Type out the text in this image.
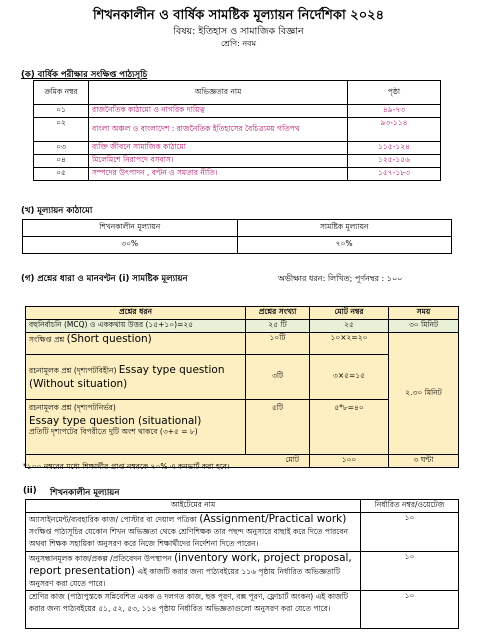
শিখনকালীন ও বার্ষিক সামষ্টিক মূল্যায়ন নির্দেশিকা ২০২৪
বিষয়: ইতিহাস ও সামাজিক বিজ্ঞান
শ্রেণি: নবম
(ক) বার্ষিক পরীক্ষার সংক্ষিপ্ত পাঠ্যসূচি
ক্রমিক নম্বর	অভিজ্ঞতার নাম	পৃষ্ঠা
০১	রাজনৈতিক কাঠামো ও নাগরিক দায়িত্ব	৪৯-৭৩
০২	বাংলা অঞ্চল ও বাংলাদেশ : রাজনৈতিক ইতিহাসের বৈচিত্র্যময় গতিপথ	৯৩-১১৪
০৩	ব্যক্তি জীবনে সামাজিক কাঠামো	১১৫-১২৪
০৪	মিলেমিশে নিরাপদে বসবাস।	১২৫-১৫৬
০৫	সম্পদের উৎপাদন , বণ্টন ও সমতার নীতি।	১৫৭-১৮৩
(খ) মূল্যায়ন কাঠামো
শিখনকালীন মূল্যায়ন	সামষ্টিক মূল্যায়ন
৩০%	৭০%
(গ) প্রশ্নের ধারা ও মানবণ্টন (i) সামষ্টিক মূল্যায়ন	অভীক্ষার ধরন: লিখিত; পূর্ণনম্বর : ১০০
প্রশ্নের ধরন	প্রশ্নের সংখ্যা	মোট নম্বর	সময়
বহুনির্বাচনি (MCQ) ও এককথায় উত্তর (১৫+১০)=২৫	২৫ টি	২৫	৩০ মিনিট
সংক্ষিপ্ত প্রশ্ন (Short question)	১০টি	১০×২=২০	২.৩০ মিনিট
রচনামূলক প্রশ্ন (দৃশ্যপটবিহীন) Essay type question
(Without situation)	৩টি	৩×৫=১৫	

রচনামূলক প্রশ্ন (দৃশ্যপটনির্ভর)
Essay type question (situational)
প্রতিটি দৃশ্যপটের বিপরীতে দুটি অংশ থাকবে (৩+৫ = ৮)	৫টি	৫*৮=৪০	
মোট		১০০	৩ ঘন্টা
*১০০ নম্বরের মধ্যে শিক্ষার্থীর প্রাপ্ত নম্বরকে ৭০% এ কনভার্ট করা হবে।
(ii) শিখনকালীন মূল্যায়ন
আইটেমের নাম	নির্ধারিত নম্বর/ওয়েটেজ
অ্যাসাইনমেন্ট/ব্যবহারিক কাজ/ পোস্টার বা দেয়াল পত্রিকা (Assignment/Practical work) সংক্ষিপ্ত পাঠ্যসূচির যেকোন শিখন অভিজ্ঞতা থেকে শ্রেণিশিক্ষক তার পছন্দ অনুসারে বাছাই করে দিতে পারবেন অথবা শিক্ষক সহায়িকা অনুসরণ করে নিজে শিক্ষার্থীদের নির্দেশনা দিতে পারেন।	১০
অনুসন্ধানমূলক কাজ/প্রকল্প /প্রতিবেদন উপস্থাপন (inventory work, project proposal, report presentation) এই কাজটি করার জন্য পাঠ্যবইয়ের ১১৬ পৃষ্ঠায় নির্ধারিত অভিজ্ঞতাটি অনুসরণ করা যেতে পারে।	১০
শ্রেণির কাজ (পাঠ্যপুস্তকে সন্নিবেশিত একক ও দলগত কাজ, ছক পূরণ, বক্স পূরণ, ফ্লোচার্ট অংকন) এই কাজটি করার জন্য পাঠ্যবইয়ের ৫১, ৫২, ৫৩, ১১৪ পৃষ্ঠায় নির্ধারিত অভিজ্ঞতাগুলো অনুসরণ করা যেতে পারে।	১০
